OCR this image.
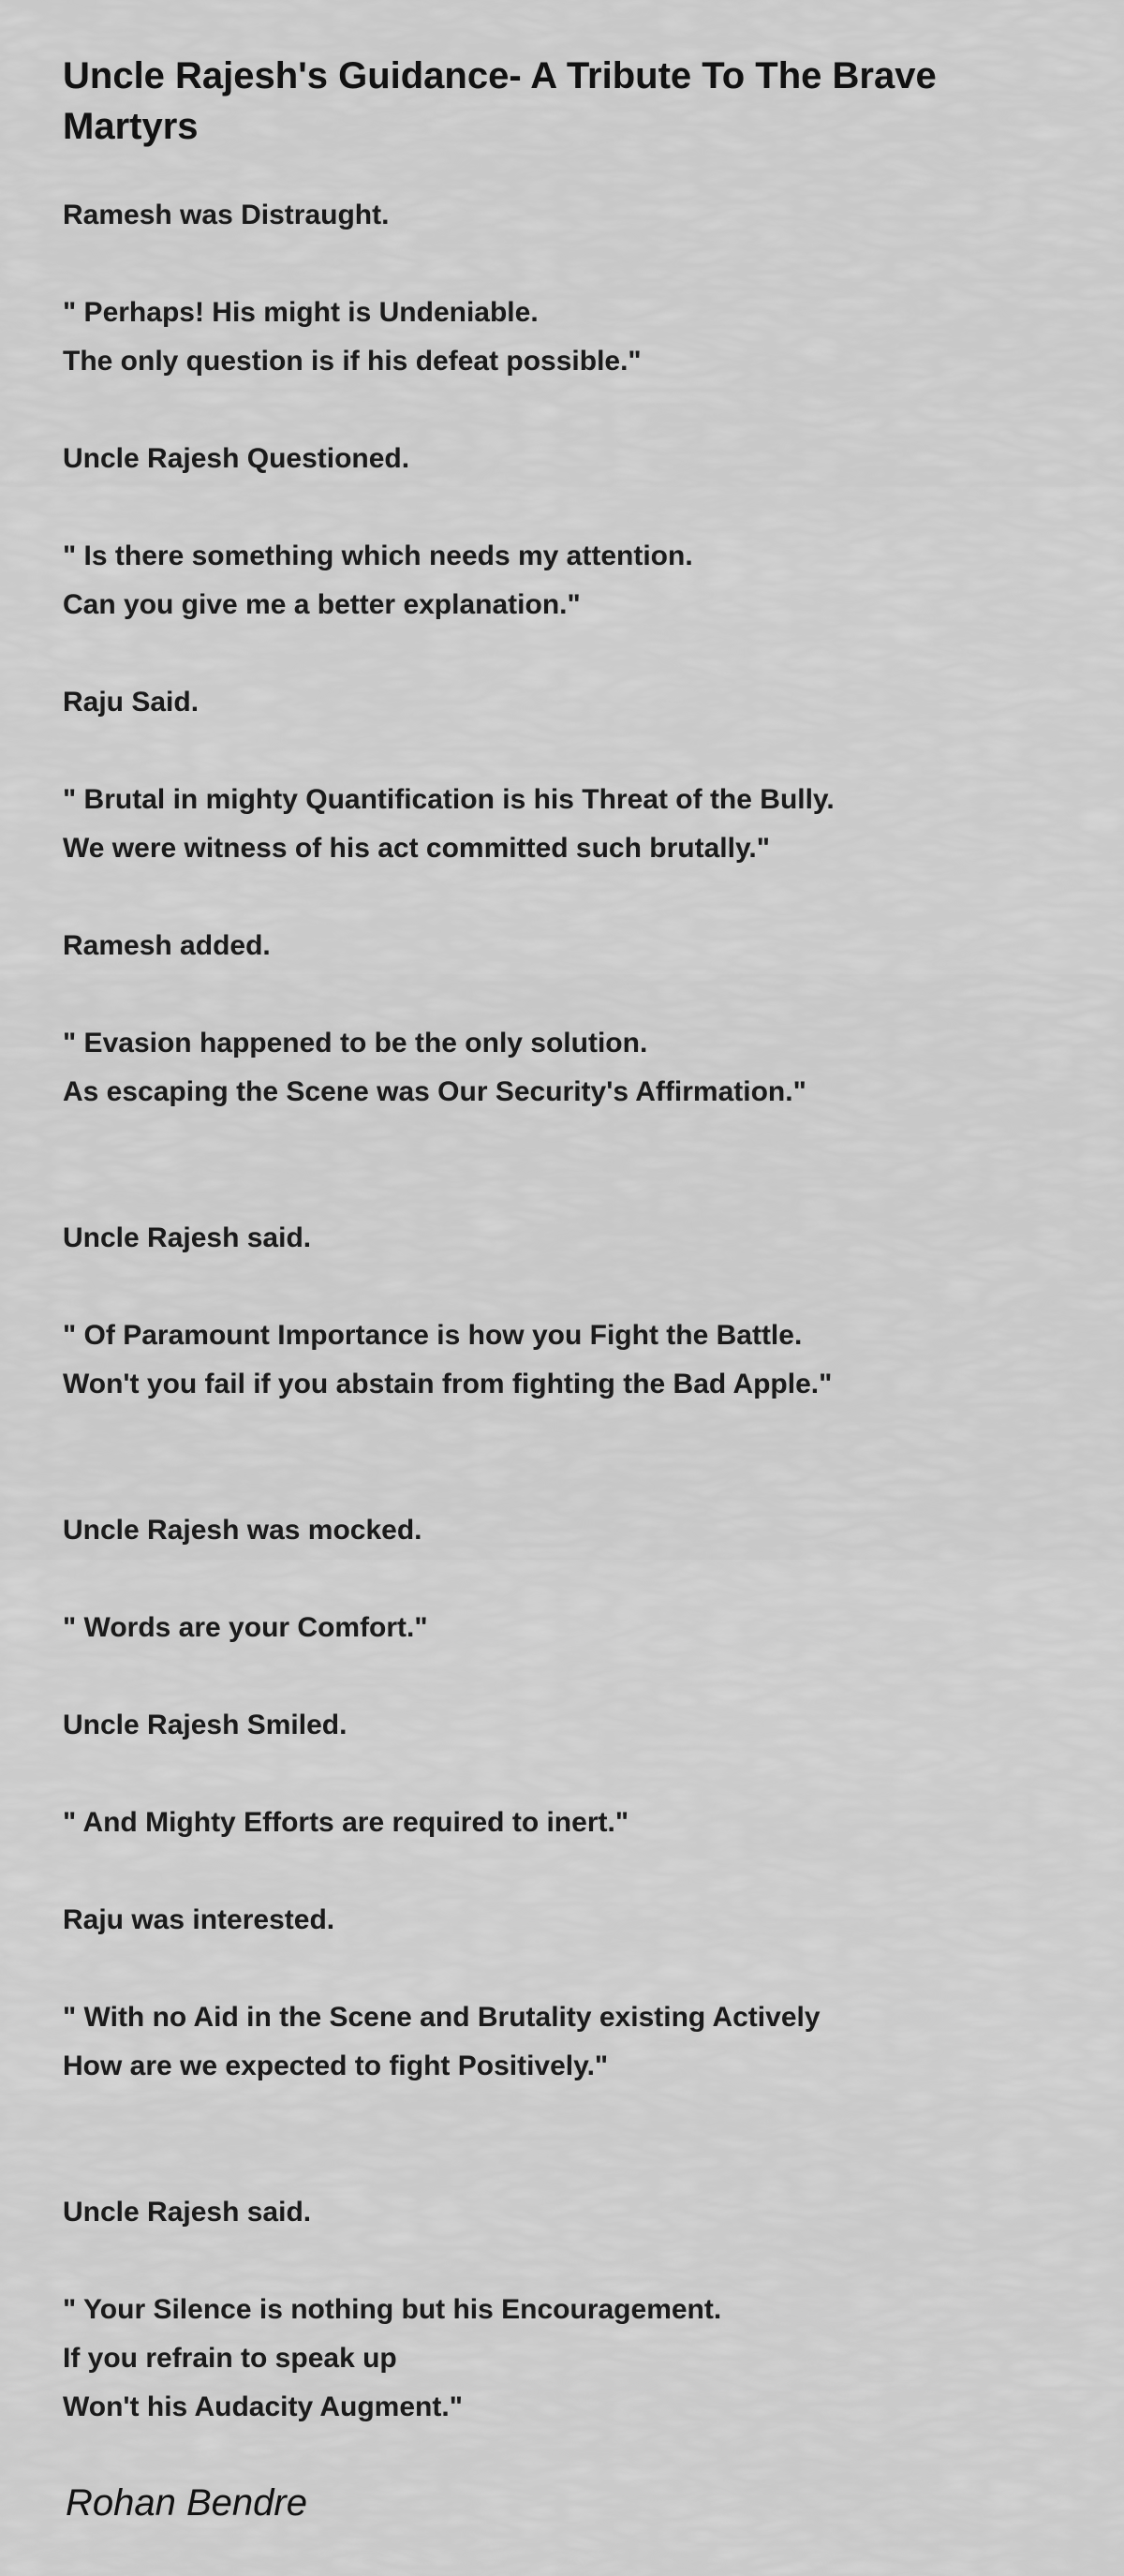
Uncle Rajesh's Guidance- A Tribute To The Brave Martyrs
Ramesh was Distraught.

" Perhaps! His might is Undeniable.
The only question is if his defeat possible."

Uncle Rajesh Questioned.

" Is there something which needs my attention.
Can you give me a better explanation."

Raju Said.

" Brutal in mighty Quantification is his Threat of the Bully.
We were witness of his act committed such brutally."

Ramesh added.

" Evasion happened to be the only solution.
As escaping the Scene was Our Security's Affirmation."

Uncle Rajesh said.

" Of Paramount Importance is how you Fight the Battle.
Won't you fail if you abstain from fighting the Bad Apple."

Uncle Rajesh was mocked.

" Words are your Comfort."

Uncle Rajesh Smiled.

" And Mighty Efforts are required to inert."

Raju was interested.

" With no Aid in the Scene and Brutality existing Actively
How are we expected to fight Positively."

Uncle Rajesh said.

" Your Silence is nothing but his Encouragement.
If you refrain to speak up
Won't his Audacity Augment."
Rohan Bendre
